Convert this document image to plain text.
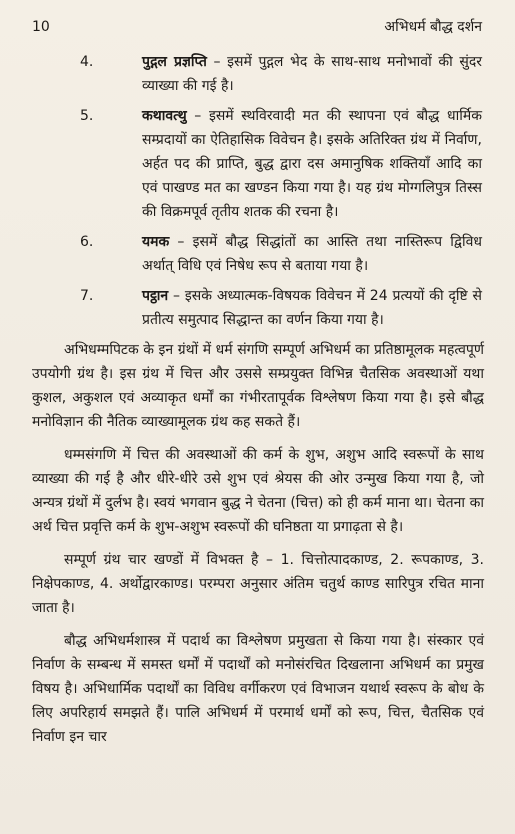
10	अभिधर्म बौद्ध दर्शन
4.	पुद्गल प्रज्ञप्ति – इसमें पुद्गल भेद के साथ-साथ मनोभावों की सुंदर व्याख्या की गई है।
5.	कथावत्थु – इसमें स्थविरवादी मत की स्थापना एवं बौद्ध धार्मिक सम्प्रदायों का ऐतिहासिक विवेचन है। इसके अतिरिक्त ग्रंथ में निर्वाण, अर्हत पद की प्राप्ति, बुद्ध द्वारा दस अमानुषिक शक्तियाँ आदि का एवं पाखण्ड मत का खण्डन किया गया है। यह ग्रंथ मोग्गलिपुत्र तिस्स की विक्रमपूर्व तृतीय शतक की रचना है।
6.	यमक – इसमें बौद्ध सिद्धांतों का आस्ति तथा नास्तिरूप द्विविध अर्थात् विधि एवं निषेध रूप से बताया गया है।
7.	पट्ठान – इसके अध्यात्मक-विषयक विवेचन में 24 प्रत्ययों की दृष्टि से प्रतीत्य समुत्पाद सिद्धान्त का वर्णन किया गया है।

अभिधम्मपिटक के इन ग्रंथों में धर्म संगणि सम्पूर्ण अभिधर्म का प्रतिष्ठामूलक महत्वपूर्ण उपयोगी ग्रंथ है। इस ग्रंथ में चित्त और उससे सम्प्रयुक्त विभिन्न चैतसिक अवस्थाओं यथा कुशल, अकुशल एवं अव्याकृत धर्मों का गंभीरतापूर्वक विश्लेषण किया गया है। इसे बौद्ध मनोविज्ञान की नैतिक व्याख्यामूलक ग्रंथ कह सकते हैं।

धम्मसंगणि में चित्त की अवस्थाओं की कर्म के शुभ, अशुभ आदि स्वरूपों के साथ व्याख्या की गई है और धीरे-धीरे उसे शुभ एवं श्रेयस की ओर उन्मुख किया गया है, जो अन्यत्र ग्रंथों में दुर्लभ है। स्वयं भगवान बुद्ध ने चेतना (चित्त) को ही कर्म माना था। चेतना का अर्थ चित्त प्रवृत्ति कर्म के शुभ-अशुभ स्वरूपों की घनिष्ठता या प्रगाढ़ता से है।

सम्पूर्ण ग्रंथ चार खण्डों में विभक्त है – 1. चित्तोत्पादकाण्ड, 2. रूपकाण्ड, 3. निक्षेपकाण्ड, 4. अर्थोद्वारकाण्ड। परम्परा अनुसार अंतिम चतुर्थ काण्ड सारिपुत्र रचित माना जाता है।

बौद्ध अभिधर्मशास्त्र में पदार्थ का विश्लेषण प्रमुखता से किया गया है। संस्कार एवं निर्वाण के सम्बन्ध में समस्त धर्मों में पदार्थों को मनोसंरचित दिखलाना अभिधर्म का प्रमुख विषय है। अभिधार्मिक पदार्थों का विविध वर्गीकरण एवं विभाजन यथार्थ स्वरूप के बोध के लिए अपरिहार्य समझते हैं। पालि अभिधर्म में परमार्थ धर्मों को रूप, चित्त, चैतसिक एवं निर्वाण इन चार
